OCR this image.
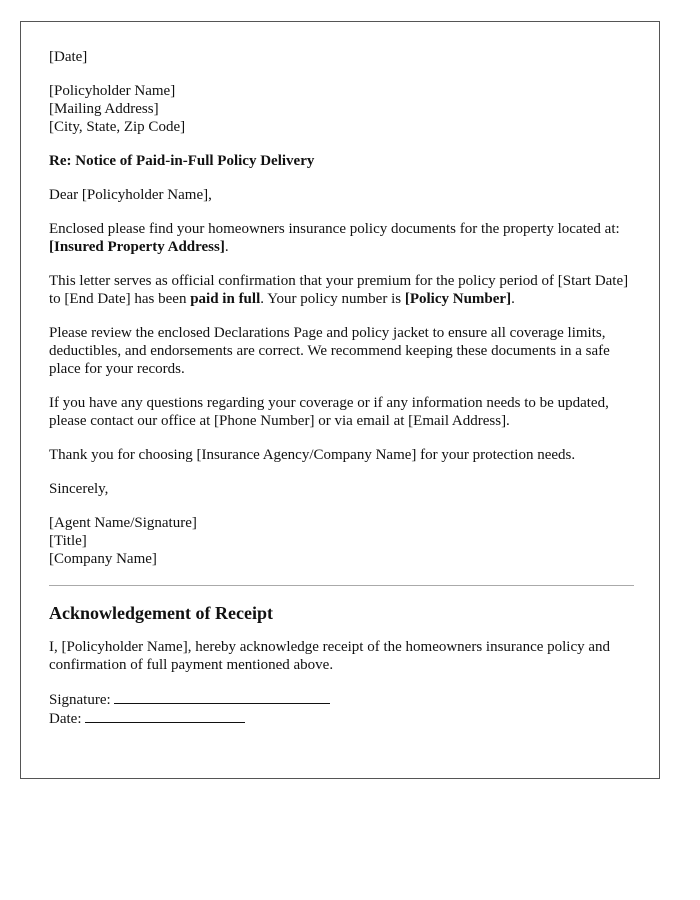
[Date]

[Policyholder Name]
[Mailing Address]
[City, State, Zip Code]

Re: Notice of Paid-in-Full Policy Delivery

Dear [Policyholder Name],

Enclosed please find your homeowners insurance policy documents for the property located at: [Insured Property Address].

This letter serves as official confirmation that your premium for the policy period of [Start Date] to [End Date] has been paid in full. Your policy number is [Policy Number].

Please review the enclosed Declarations Page and policy jacket to ensure all coverage limits, deductibles, and endorsements are correct. We recommend keeping these documents in a safe place for your records.

If you have any questions regarding your coverage or if any information needs to be updated, please contact our office at [Phone Number] or via email at [Email Address].

Thank you for choosing [Insurance Agency/Company Name] for your protection needs.

Sincerely,

[Agent Name/Signature]
[Title]
[Company Name]

Acknowledgement of Receipt

I, [Policyholder Name], hereby acknowledge receipt of the homeowners insurance policy and confirmation of full payment mentioned above.

Signature:
Date:
